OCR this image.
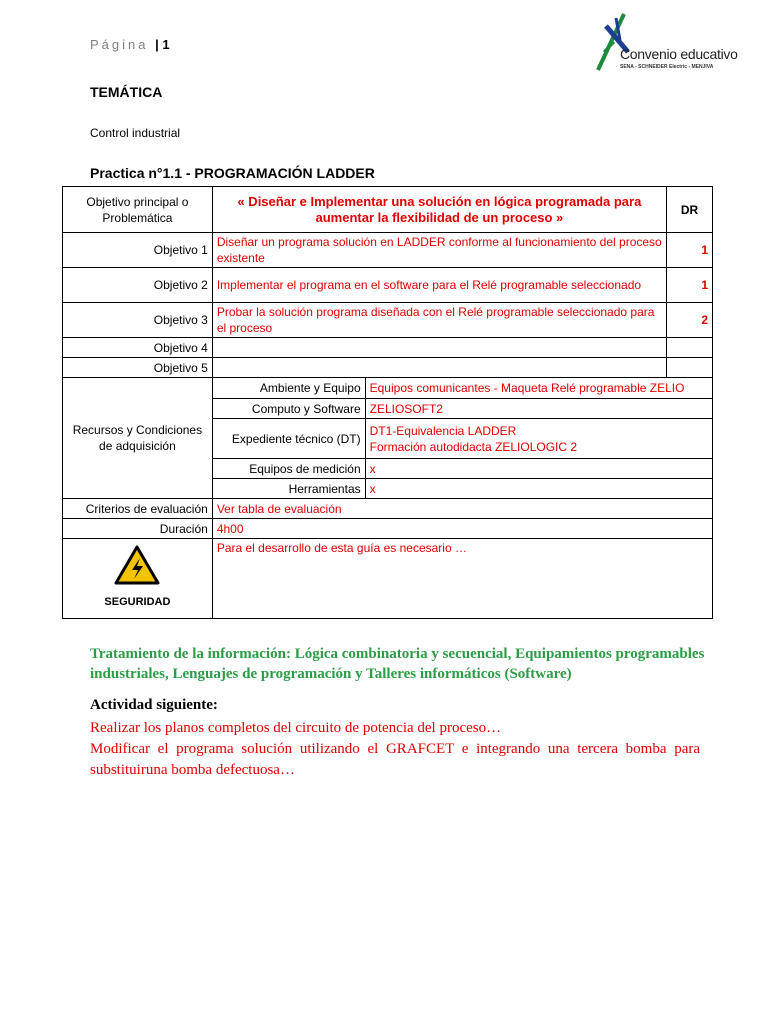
Página | 1
Convenio educativo
SENA - SCHNEIDER Electric - MENJIVA
TEMÁTICA
Control industrial
Practica n°1.1 - PROGRAMACIÓN LADDER
Objetivo principal o Problemática	« Diseñar e Implementar una solución en lógica programada para aumentar la flexibilidad de un proceso »		DR
Objetivo 1	Diseñar un programa solución en LADDER conforme al funcionamiento del proceso existente		1
Objetivo 2	Implementar el programa en el software para el Relé programable seleccionado		1
Objetivo 3	Probar la solución programa diseñada con el Relé programable seleccionado para el proceso		2
Objetivo 4			
Objetivo 5			
Recursos y Condiciones de adquisición	Ambiente y Equipo	Equipos comunicantes - Maqueta Relé programable ZELIO	
	Computo y Software	ZELIOSOFT2	
	Expediente técnico (DT)	DT1-Equivalencia LADDER
Formación autodidacta ZELIOLOGIC 2	

	Equipos de medición	x	
	Herramientas	x	
Criterios de evaluación	Ver tabla de evaluación		
Duración	4h00		

SEGURIDAD	Para el desarrollo de esta guía es necesario …		
Tratamiento de la información: Lógica combinatoria y secuencial, Equipamientos programables industriales, Lenguajes de programación y Talleres informáticos (Software)
Actividad siguiente:
Realizar los planos completos del circuito de potencia del proceso…
Modificar el programa solución utilizando el GRAFCET e integrando una tercera bomba para substituiruna bomba defectuosa…
